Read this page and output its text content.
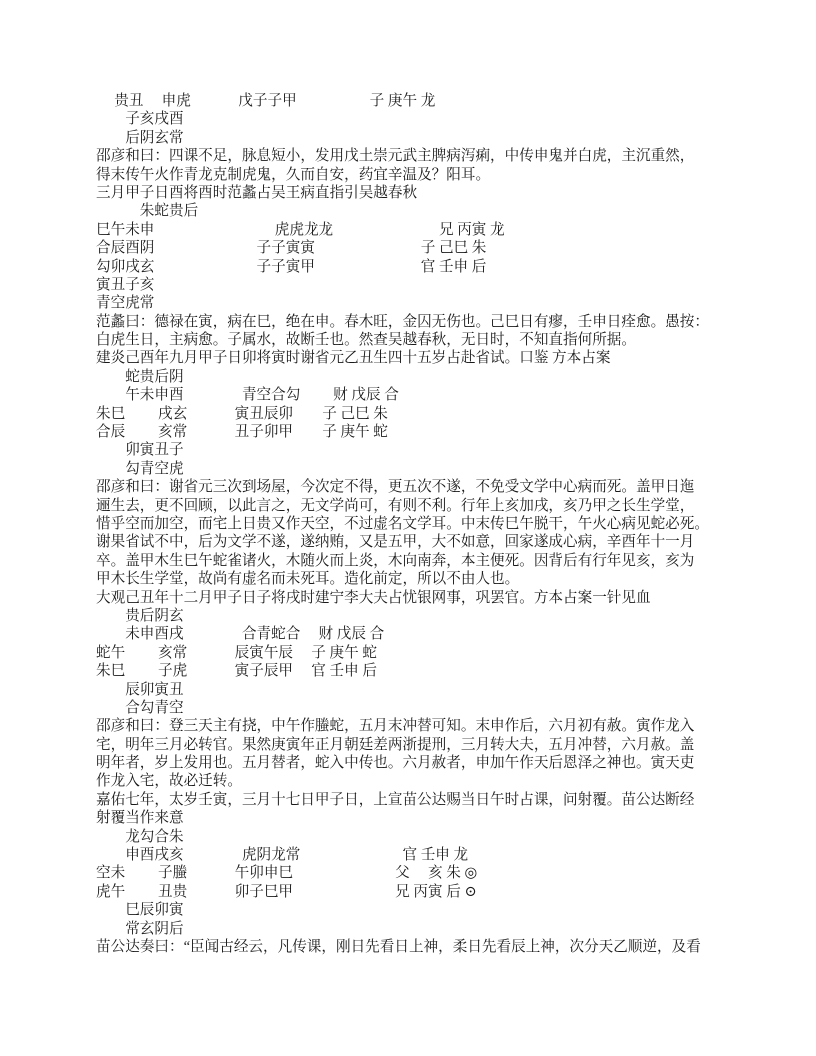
　 贵丑　 申虎　　　 戊子子甲　　　　　子 庚午 龙
　　子亥戌酉
　　后阴玄常
邵彦和曰：四课不足，脉息短小，发用戊土崇元武主脾病泻痢，中传申鬼并白虎，主沉重然，
得末传午火作青龙克制虎鬼，久而自安，药宜辛温及？阳耳。
三月甲子日酉将酉时范蠡占吴王病直指引吴越春秋
　　　朱蛇贵后
巳午未申　　　　　　　　 虎虎龙龙　　　　　　　 兄 丙寅 龙
合辰酉阴　　　　　　　子子寅寅　　　　　　　 子 己巳 朱
勾卯戌玄　　　　　　　子子寅甲　　　　　　　 官 壬申 后
寅丑子亥
青空虎常
范蠡曰：德禄在寅，病在巳，绝在申。春木旺，金囚无伤也。己巳日有瘳，壬申日痊愈。愚按：
白虎生日，主病愈。子属水，故断壬也。然查吴越春秋，无日时，不知直指何所据。
建炎己酉年九月甲子日卯将寅时谢省元乙丑生四十五岁占赴省试。口鉴 方本占案
　　蛇贵后阴
　　午未申酉　　　　青空合勾　　 财 戊辰 合
朱巳　　 戌玄　　　 寅丑辰卯　　子 己巳 朱
合辰　　 亥常　　　 丑子卯甲　　子 庚午 蛇
　　卯寅丑子
　　勾青空虎
邵彦和曰：谢省元三次到场屋，今次定不得，更五次不遂，不免受文学中心病而死。盖甲日迤
逦生去，更不回顾，以此言之，无文学尚可，有则不利。行年上亥加戌，亥乃甲之长生学堂，
惜乎空而加空，而宅上日贵又作天空，不过虚名文学耳。中末传巳午脱干，午火心病见蛇必死。
谢果省试不中，后为文学不遂，遂纳贿，又是五甲，大不如意，回家遂成心病，辛酉年十一月
卒。盖甲木生巳午蛇雀诸火，木随火而上炎，木向南奔，本主便死。因背后有行年见亥，亥为
甲木长生学堂，故尚有虚名而未死耳。造化前定，所以不由人也。
大观己丑年十二月甲子日子将戌时建宁李大夫占忧银网事，巩罢官。方本占案一针见血
　　贵后阴玄
　　未申酉戌　　　　合青蛇合　 财 戊辰 合
蛇午　　 亥常　　　 辰寅午辰　 子 庚午 蛇
朱巳　　 子虎　　　 寅子辰甲　 官 壬申 后
　　辰卯寅丑
　　合勾青空
邵彦和曰：登三天主有挠，中午作螣蛇，五月末冲替可知。末申作后，六月初有赦。寅作龙入
宅，明年三月必转官。果然庚寅年正月朝廷差两浙提刑，三月转大夫，五月冲替，六月赦。盖
明年者，岁上发用也。五月替者，蛇入中传也。六月赦者，申加午作天后恩泽之神也。寅天吏
作龙入宅，故必迁转。
嘉佑七年，太岁壬寅，三月十七日甲子日，上宣苗公达赐当日午时占课，问射覆。苗公达断经
射覆当作来意
　　龙勾合朱
　　申酉戌亥　　　　虎阴龙常　　　　　　　官 壬申 龙
空未　　 子螣　　　 午卯申巳　　　　　　　父　 亥 朱 ◎
虎午　　 丑贵　　　 卯子巳甲　　　　　　　兄 丙寅 后 ⊙
　　巳辰卯寅
　　常玄阴后
苗公达奏曰：“臣闻古经云，凡传课，刚日先看日上神，柔日先看辰上神，次分天乙顺逆，及看
